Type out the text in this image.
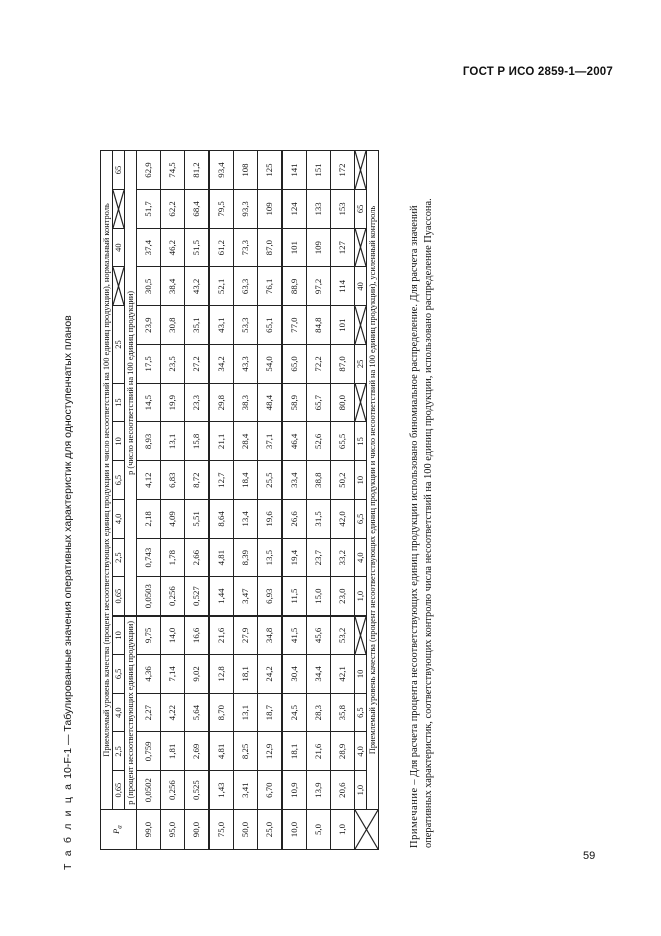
ГОСТ Р ИСО 2859-1—2007
Т а б л и ц а 10-F-1 — Табулированные значения оперативных характеристик для одноступенчатых планов
$P_a$	Приемлемый уровень качества (процент несоответствующих единиц продукции и число несоответствий на 100 единиц продукции), нормальный контроль																
	0,65	2,5	4,0	6,5	10	0,65	2,5	4,0	6,5	10	15	25			40		65
	p (процент несоответствующих единиц продукции)					p (число несоответствий на 100 единиц продукции)											
99,0	0,0502	0,759	2,27	4,36	9,75	0,0503	0,743	2,18	4,12	8,93	14,5	17,5	23,9	30,5	37,4	51,7	62,9
95,0	0,256	1,81	4,22	7,14	14,0	0,256	1,78	4,09	6,83	13,1	19,9	23,5	30,8	38,4	46,2	62,2	74,5
90,0	0,525	2,69	5,64	9,02	16,6	0,527	2,66	5,51	8,72	15,8	23,3	27,2	35,1	43,2	51,5	68,4	81,2
75,0	1,43	4,81	8,70	12,8	21,6	1,44	4,81	8,64	12,7	21,1	29,8	34,2	43,1	52,1	61,2	79,5	93,4
50,0	3,41	8,25	13,1	18,1	27,9	3,47	8,39	13,4	18,4	28,4	38,3	43,3	53,3	63,3	73,3	93,3	108
25,0	6,70	12,9	18,7	24,2	34,8	6,93	13,5	19,6	25,5	37,1	48,4	54,0	65,1	76,1	87,0	109	125
10,0	10,9	18,1	24,5	30,4	41,5	11,5	19,4	26,6	33,4	46,4	58,9	65,0	77,0	88,9	101	124	141
5,0	13,9	21,6	28,3	34,4	45,6	15,0	23,7	31,5	38,8	52,6	65,7	72,2	84,8	97,2	109	133	151
1,0	20,6	28,9	35,8	42,1	53,2	23,0	33,2	42,0	50,2	65,5	80,0	87,0	101	114	127	153	172

	1,0	4,0	6,5	10		1,0	4,0	6,5	10	15		25		40		65	

	Приемлемый уровень качества (процент несоответствующих единиц продукции и число несоответствий на 100 единиц продукции), усиленный контроль																
Примечание – Для расчета процента несоответствующих единиц продукции использовано биномиальное распределение. Для расчета значений оперативных характеристик, соответствующих контролю числа несоответствий на 100 единиц продукции, использовано распределение Пуассона.
59
